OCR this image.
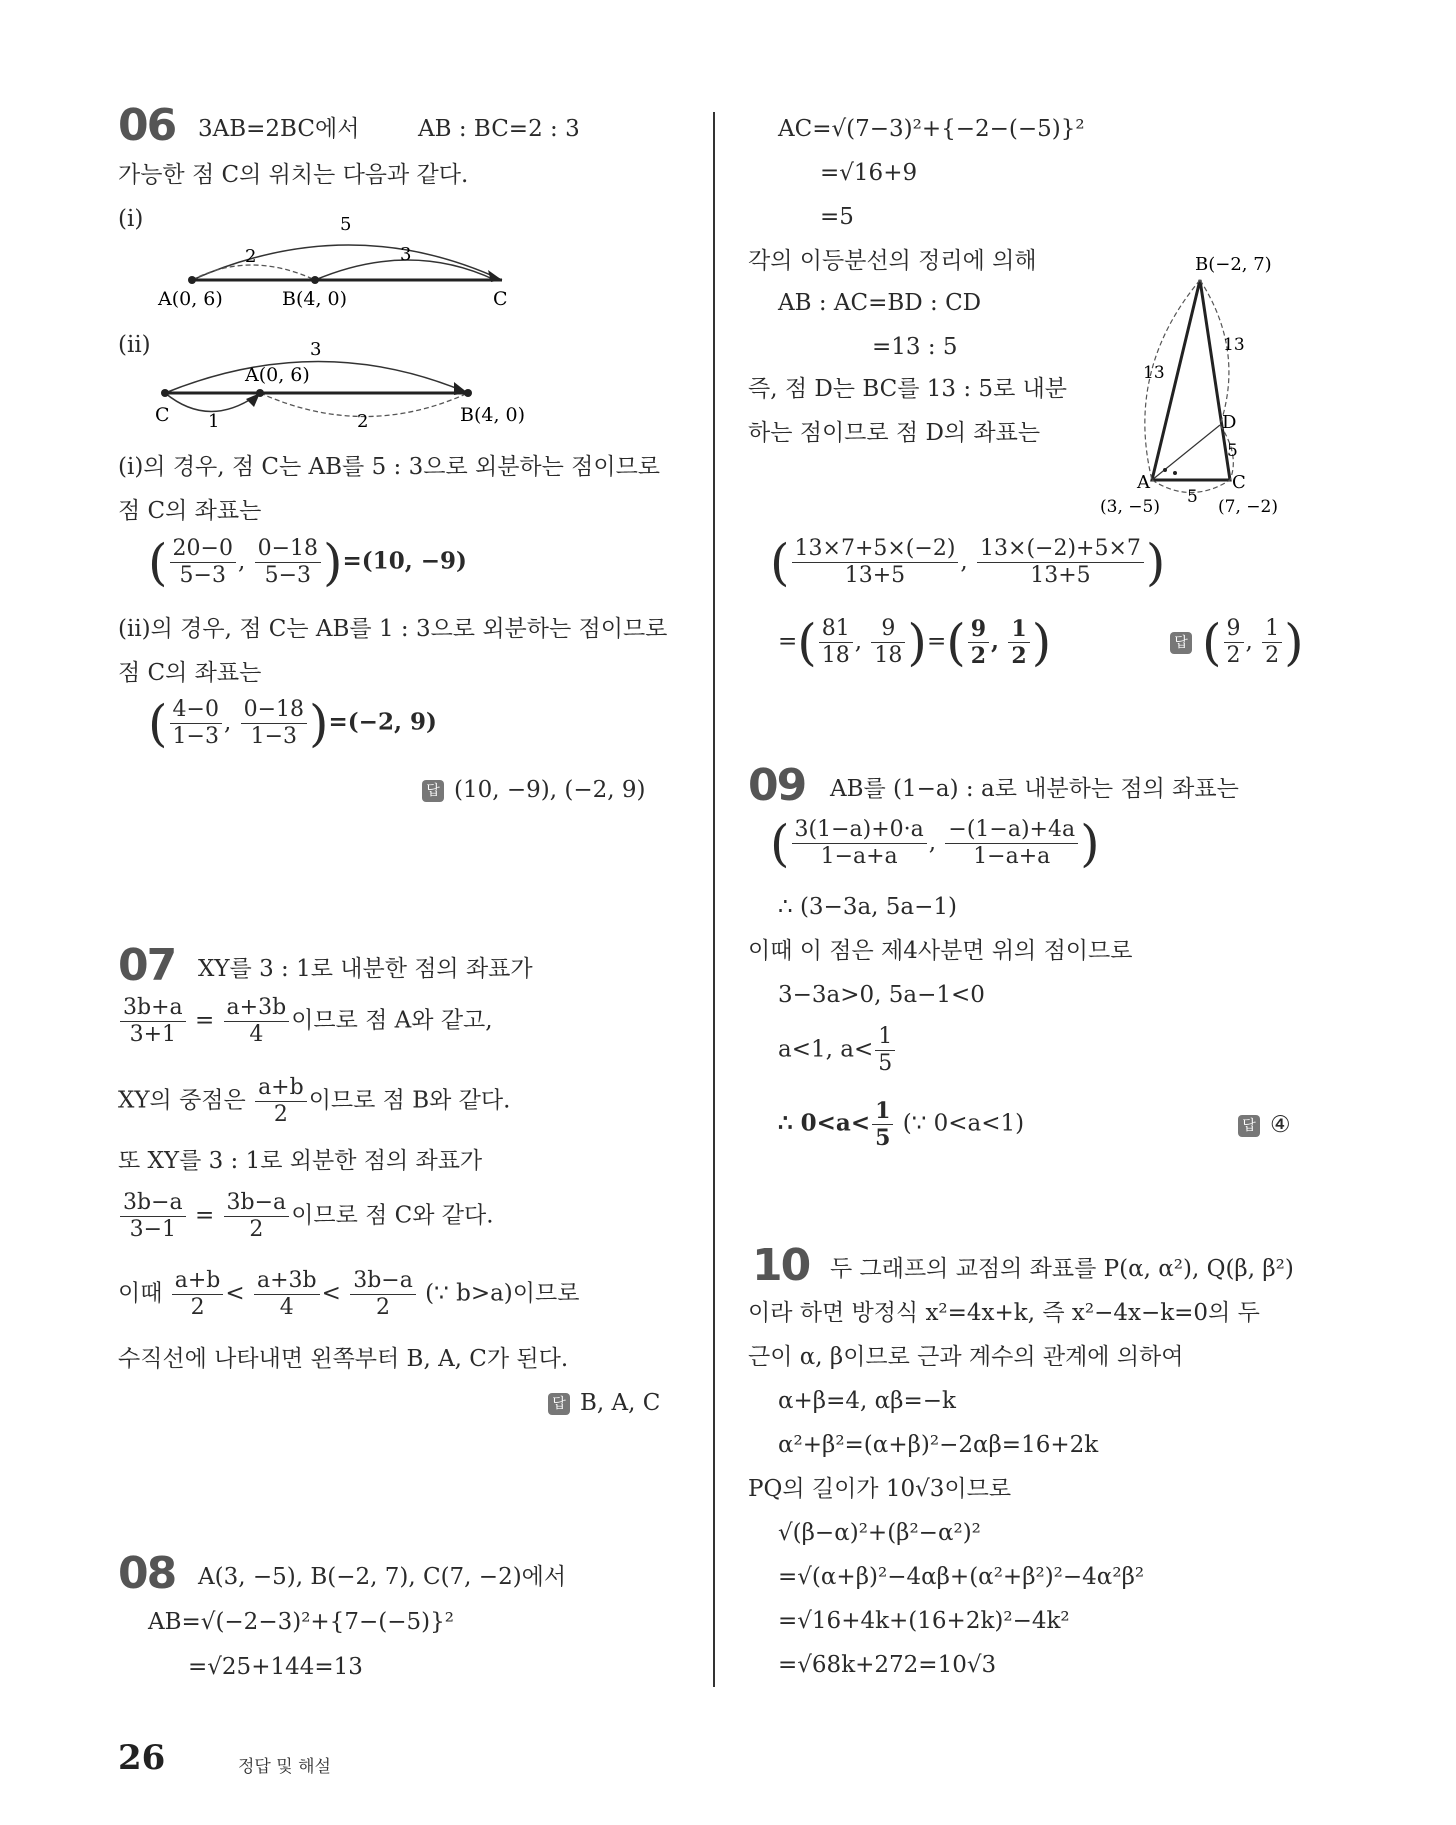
06 3AB=2BC에서	AB : BC=2 : 3
가능한 점 C의 위치는 다음과 같다.
(i)	5
2	3
A(0, 6)	B(4, 0)	C
(ii)	3
A(0, 6)
C 1	2	B(4, 0)
(i)의 경우, 점 C는 AB를 5 : 3으로 외분하는 점이므로
점 C의 좌표는
( $\frac{20-0}{5-3}$ , $\frac{0-18}{5-3} )=(10$, −9)
(ii)의 경우, 점 C는 AB를 1 : 3으로 외분하는 점이므로
점 C의 좌표는
( $\frac{4-0}{1-3}$ , $\frac{0-18}{1-3} )=(-2$, 9)
답 (10, −9), (−2, 9)
07 XY를 3 : 1로 내분한 점의 좌표가
$\frac{3b+a}{3+1} = \frac{a+3b}{4}$ 이므로 점 A와 같고,
XY의 중점은 $\frac{a+b}{2}$ 이므로 점 B와 같다.
또 XY를 3 : 1로 외분한 점의 좌표가
$\frac{3b-a}{3-1} = \frac{3b-a}{2}$ 이므로 점 C와 같다.
이때 $\frac{a+b}{2} < \frac{a+3b}{4} < \frac{3b-a}{2}$ (∵ b>a)이므로
수직선에 나타내면 왼쪽부터 B, A, C가 된다.
답 B, A, C
08 A(3, −5), B(−2, 7), C(7, −2)에서
AB=√(−2−3)²+{7−(−5)}²
=√25+144=13
AC=√(7−3)²+{−2−(−5)}²
=√16+9
=5
각의 이등분선의 정리에 의해
AB : AC=BD : CD
=13 : 5
즉, 점 D는 BC를 13 : 5로 내분
하는 점이므로 점 D의 좌표는
B(−2, 7)
13
13
D
5
A	C
5
(3, −5)	(7, −2)
( $\frac{13\times 7+5\times(-2)}{13+5}$ , $\frac{13\times(-2)+5\times 7}{13+5}$ )
=( $\frac{81}{18}$ , $\frac{9}{18}$ )=( $\frac{9}{2}$ , $\frac{1}{2}$ )	답 ( $\frac{9}{2}$ , $\frac{1}{2}$ )
09 AB를 (1−a) : a로 내분하는 점의 좌표는
( $\frac{3(1-a)+0\cdot a}{1-a+a}$ , $\frac{-(1-a)+4a}{1-a+a}$ )
∴ (3−3a, 5a−1)
이때 이 점은 제4사분면 위의 점이므로
3−3a>0, 5a−1<0
a<1, $a< \frac{1}{5}$
∴ $0<a< \frac{1}{5}$ (∵ 0<a<1)	답 ④
10 두 그래프의 교점의 좌표를 P(α, α²), Q(β, β²)
이라 하면 방정식 x²=4x+k, 즉 x²−4x−k=0의 두
근이 α, β이므로 근과 계수의 관계에 의하여
α+β=4, αβ=−k
α²+β²=(α+β)²−2αβ=16+2k
PQ의 길이가 10√3이므로
√(β−α)²+(β²−α²)²
=√(α+β)²−4αβ+(α²+β²)²−4α²β²
=√16+4k+(16+2k)²−4k²
=√68k+272=10√3
26	정답 및 해설
